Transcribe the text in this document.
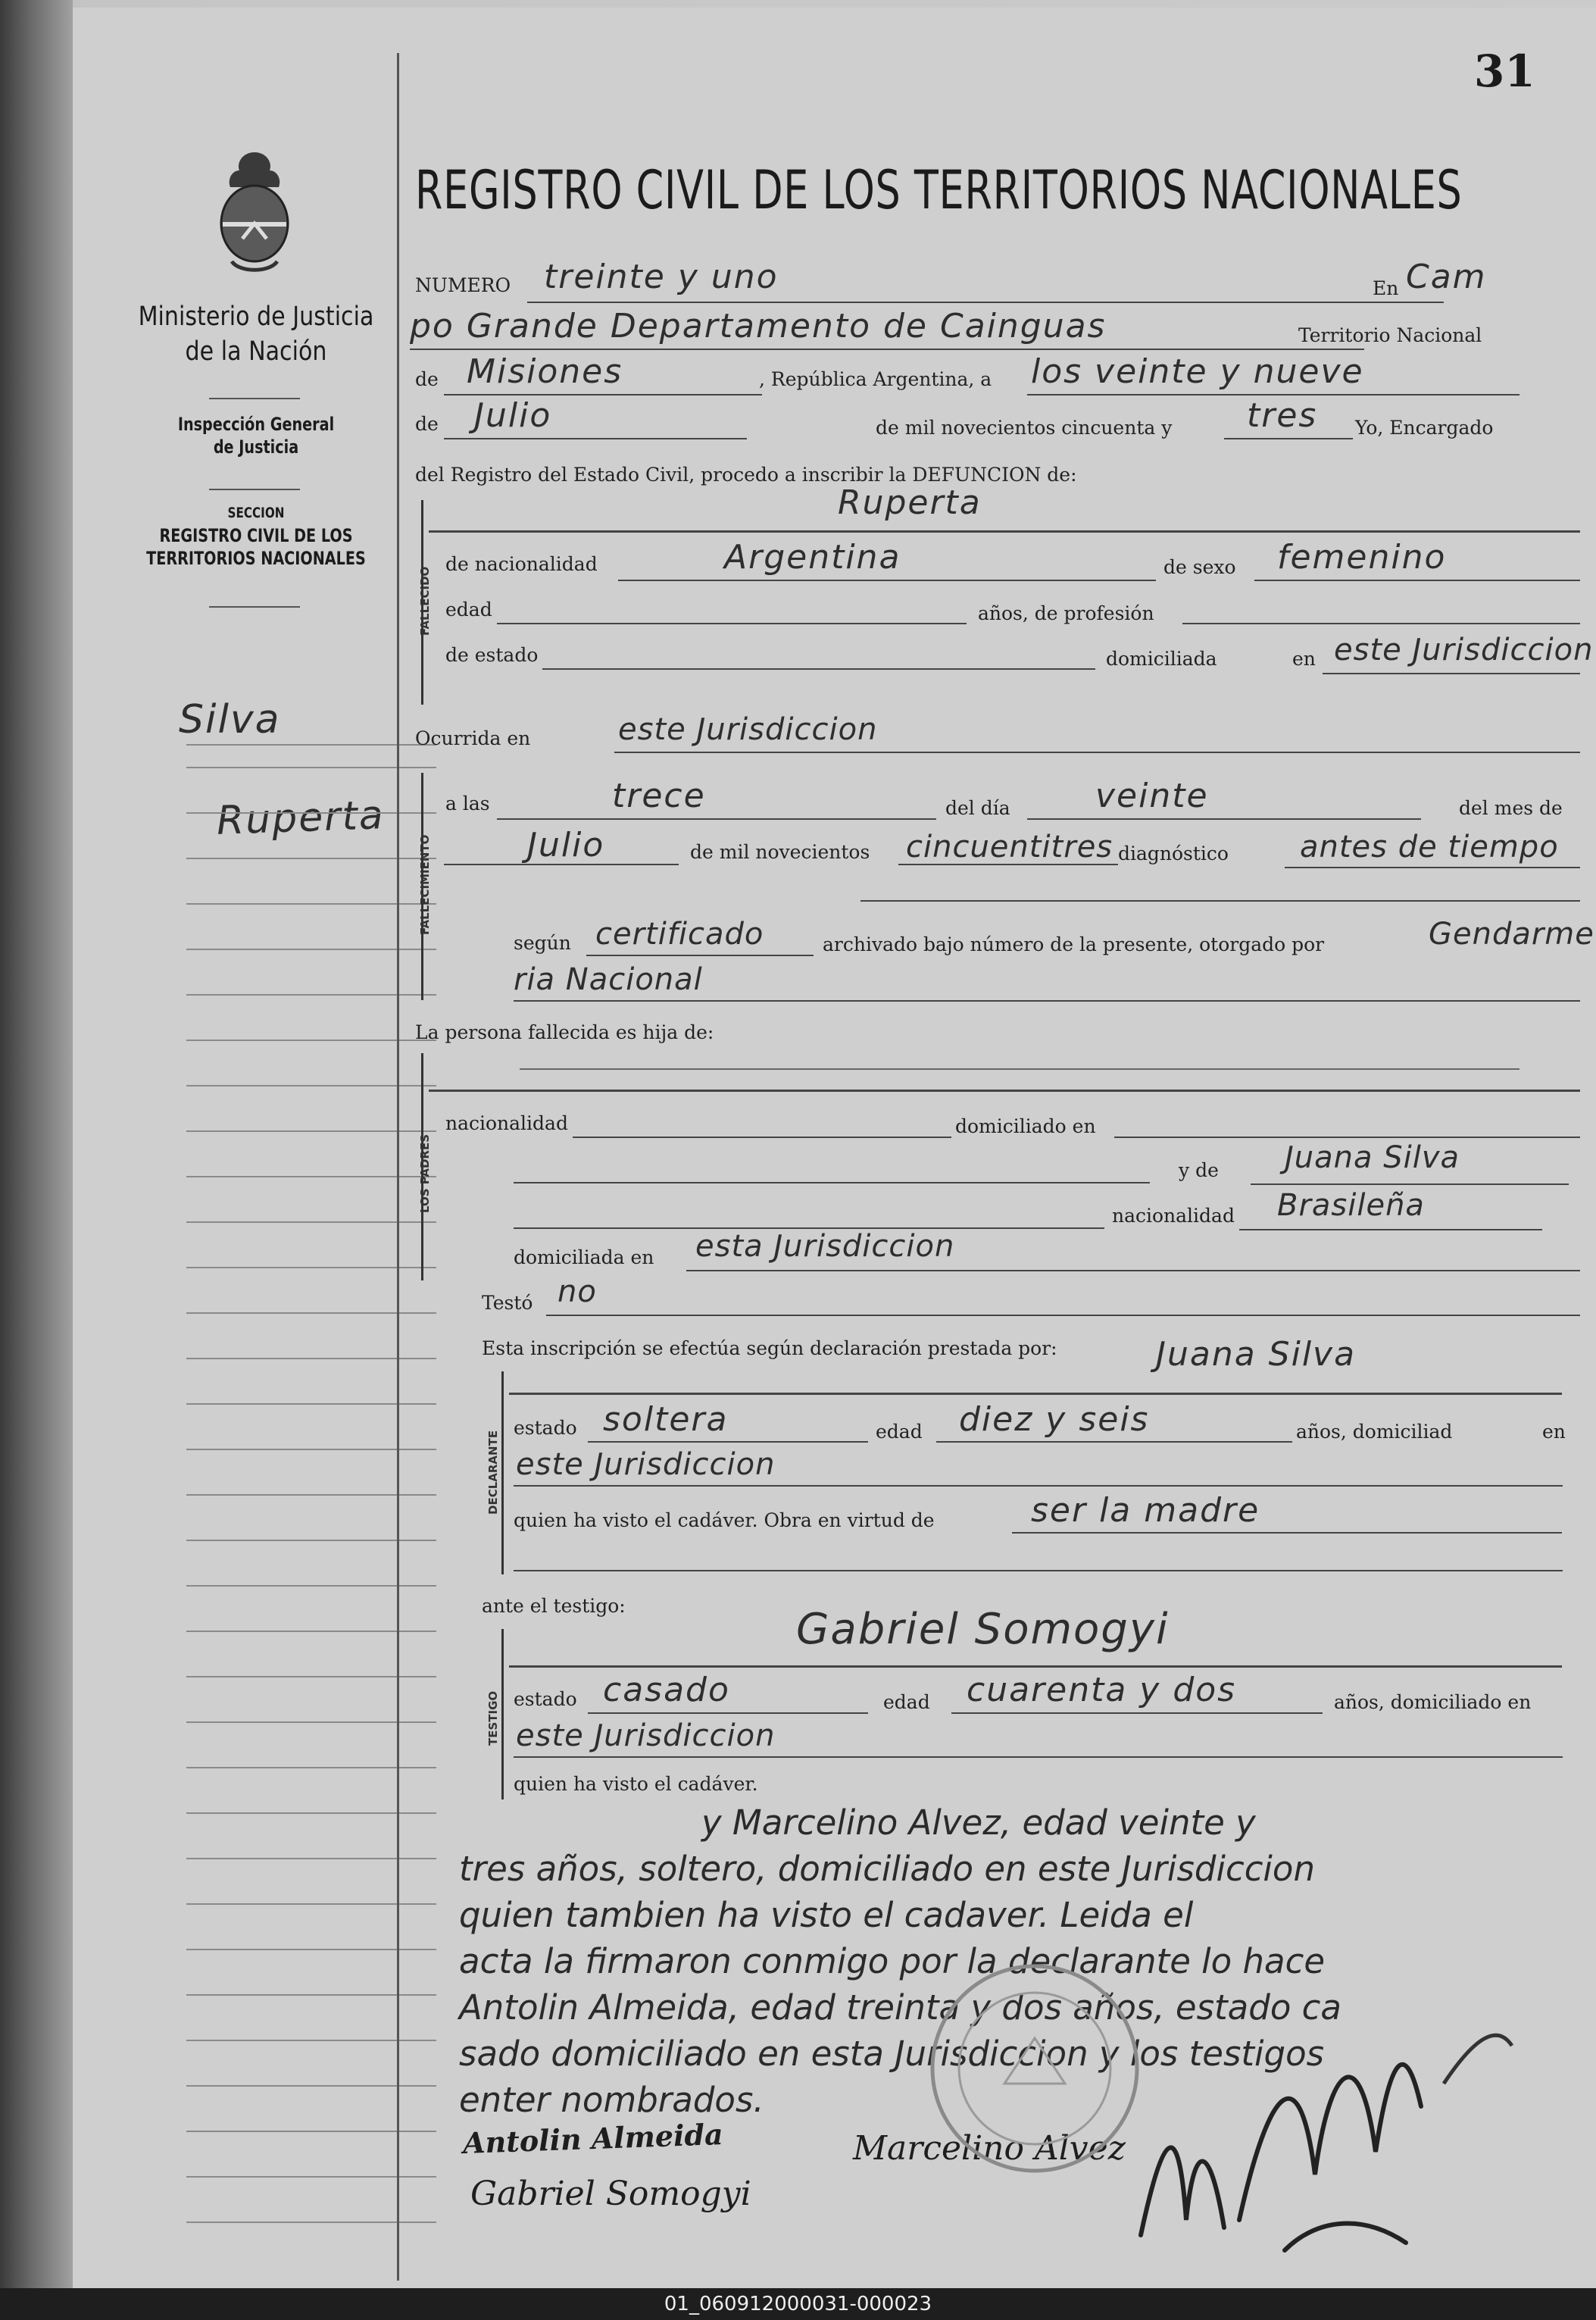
Ministerio de Justicia
de la Nación
Inspección General
de Justicia
SECCION
REGISTRO CIVIL DE LOS
TERRITORIOS NACIONALES
Silva
Ruperta
31
REGISTRO CIVIL DE LOS TERRITORIOS NACIONALES
NUMERO treinte y uno	En Cam
po Grande Departamento de Cainguas	Territorio Nacional
de Misiones	, República Argentina, a los veinte y nueve
de Julio	de mil novecientos cincuenta y tres Yo, Encargado
del Registro del Estado Civil, procedo a inscribir la DEFUNCION de:
FALLECIDO
Ruperta
de nacionalidad	Argentina	de sexo femenino
edad	años, de profesión
de estado	domiciliada	en este Jurisdiccion
Ocurrida en	este Jurisdiccion
FALLECIMIENTO
a las	trece	del día	veinte	del mes de
Julio	de mil novecientos cincuentitres diagnóstico antes de tiempo
según certificado	archivado bajo número de la presente, otorgado por	Gendarme
ria Nacional
La persona fallecida es hija de:
LOS PADRES
nacionalidad	domiciliado en
y de Juana Silva
nacionalidad Brasileña
domiciliada en esta Jurisdiccion
Testó no
Esta inscripción se efectúa según declaración prestada por:
DECLARANTE
Juana Silva
estado soltera	edad diez y seis	años, domiciliad	en
este Jurisdiccion
quien ha visto el cadáver. Obra en virtud de	ser la madre
ante el testigo:
TESTIGO
Gabriel Somogyi
estado casado	edad cuarenta y dos	años, domiciliado en
este Jurisdiccion
quien ha visto el cadáver.
y Marcelino Alvez, edad veinte y
tres años, soltero, domiciliado en este Jurisdiccion
quien tambien ha visto el cadaver. Leida el
acta la firmaron conmigo por la declarante lo hace
Antolin Almeida, edad treinta y dos años, estado ca
sado domiciliado en esta Jurisdiccion y los testigos
enter nombrados.
Antolin Almeida	Marcelino Alvez
Gabriel Somogyi
01_060912000031-000023
